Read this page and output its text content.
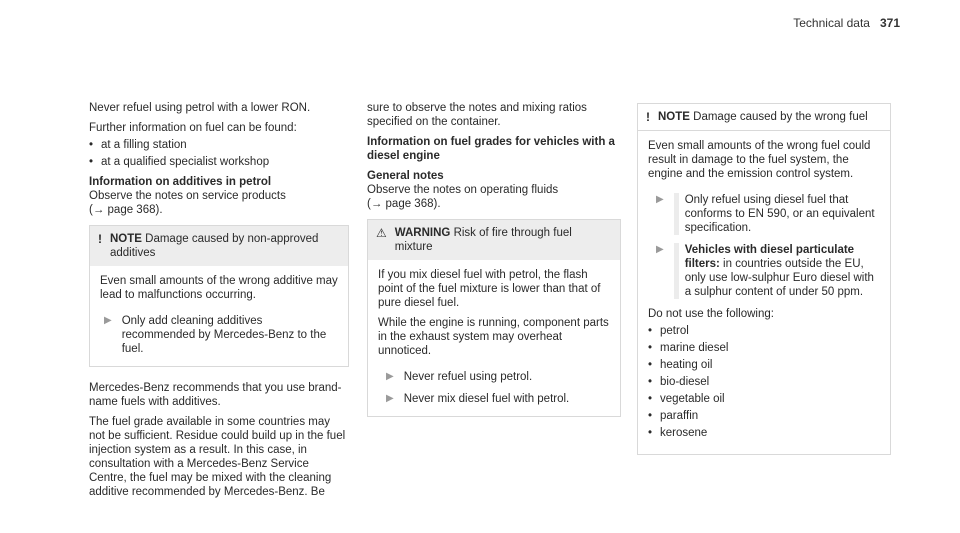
Technical data 371

Never refuel using petrol with a lower RON.

Further information on fuel can be found:

• at a filling station
• at a qualified specialist workshop

Information on additives in petrol

Observe the notes on service products

(→ page 368).

! NOTE Damage caused by non-approved additives

Even small amounts of the wrong additive may lead to malfunctions occurring.

▶ Only add cleaning additives recommended by Mercedes-Benz to the fuel.

Mercedes-Benz recommends that you use brand-name fuels with additives.

The fuel grade available in some countries may not be sufficient. Residue could build up in the fuel injection system as a result. In this case, in consultation with a Mercedes-Benz Service Centre, the fuel may be mixed with the cleaning additive recommended by Mercedes-Benz. Be

sure to observe the notes and mixing ratios specified on the container.

Information on fuel grades for vehicles with a diesel engine

General notes

Observe the notes on operating fluids

(→ page 368).

⚠ WARNING Risk of fire through fuel mixture

If you mix diesel fuel with petrol, the flash point of the fuel mixture is lower than that of pure diesel fuel.

While the engine is running, component parts in the exhaust system may overheat unnoticed.

▶ Never refuel using petrol.
▶ Never mix diesel fuel with petrol.
! NOTE Damage caused by the wrong fuel

Even small amounts of the wrong fuel could result in damage to the fuel system, the engine and the emission control system.

▶	Only refuel using diesel fuel that conforms to EN 590, or an equivalent specification.
▶	Vehicles with diesel particulate filters: in countries outside the EU, only use low-sulphur Euro diesel with a sulphur content of under 50 ppm.

Do not use the following:

• petrol
• marine diesel
• heating oil
• bio-diesel
• vegetable oil
• paraffin
• kerosene
